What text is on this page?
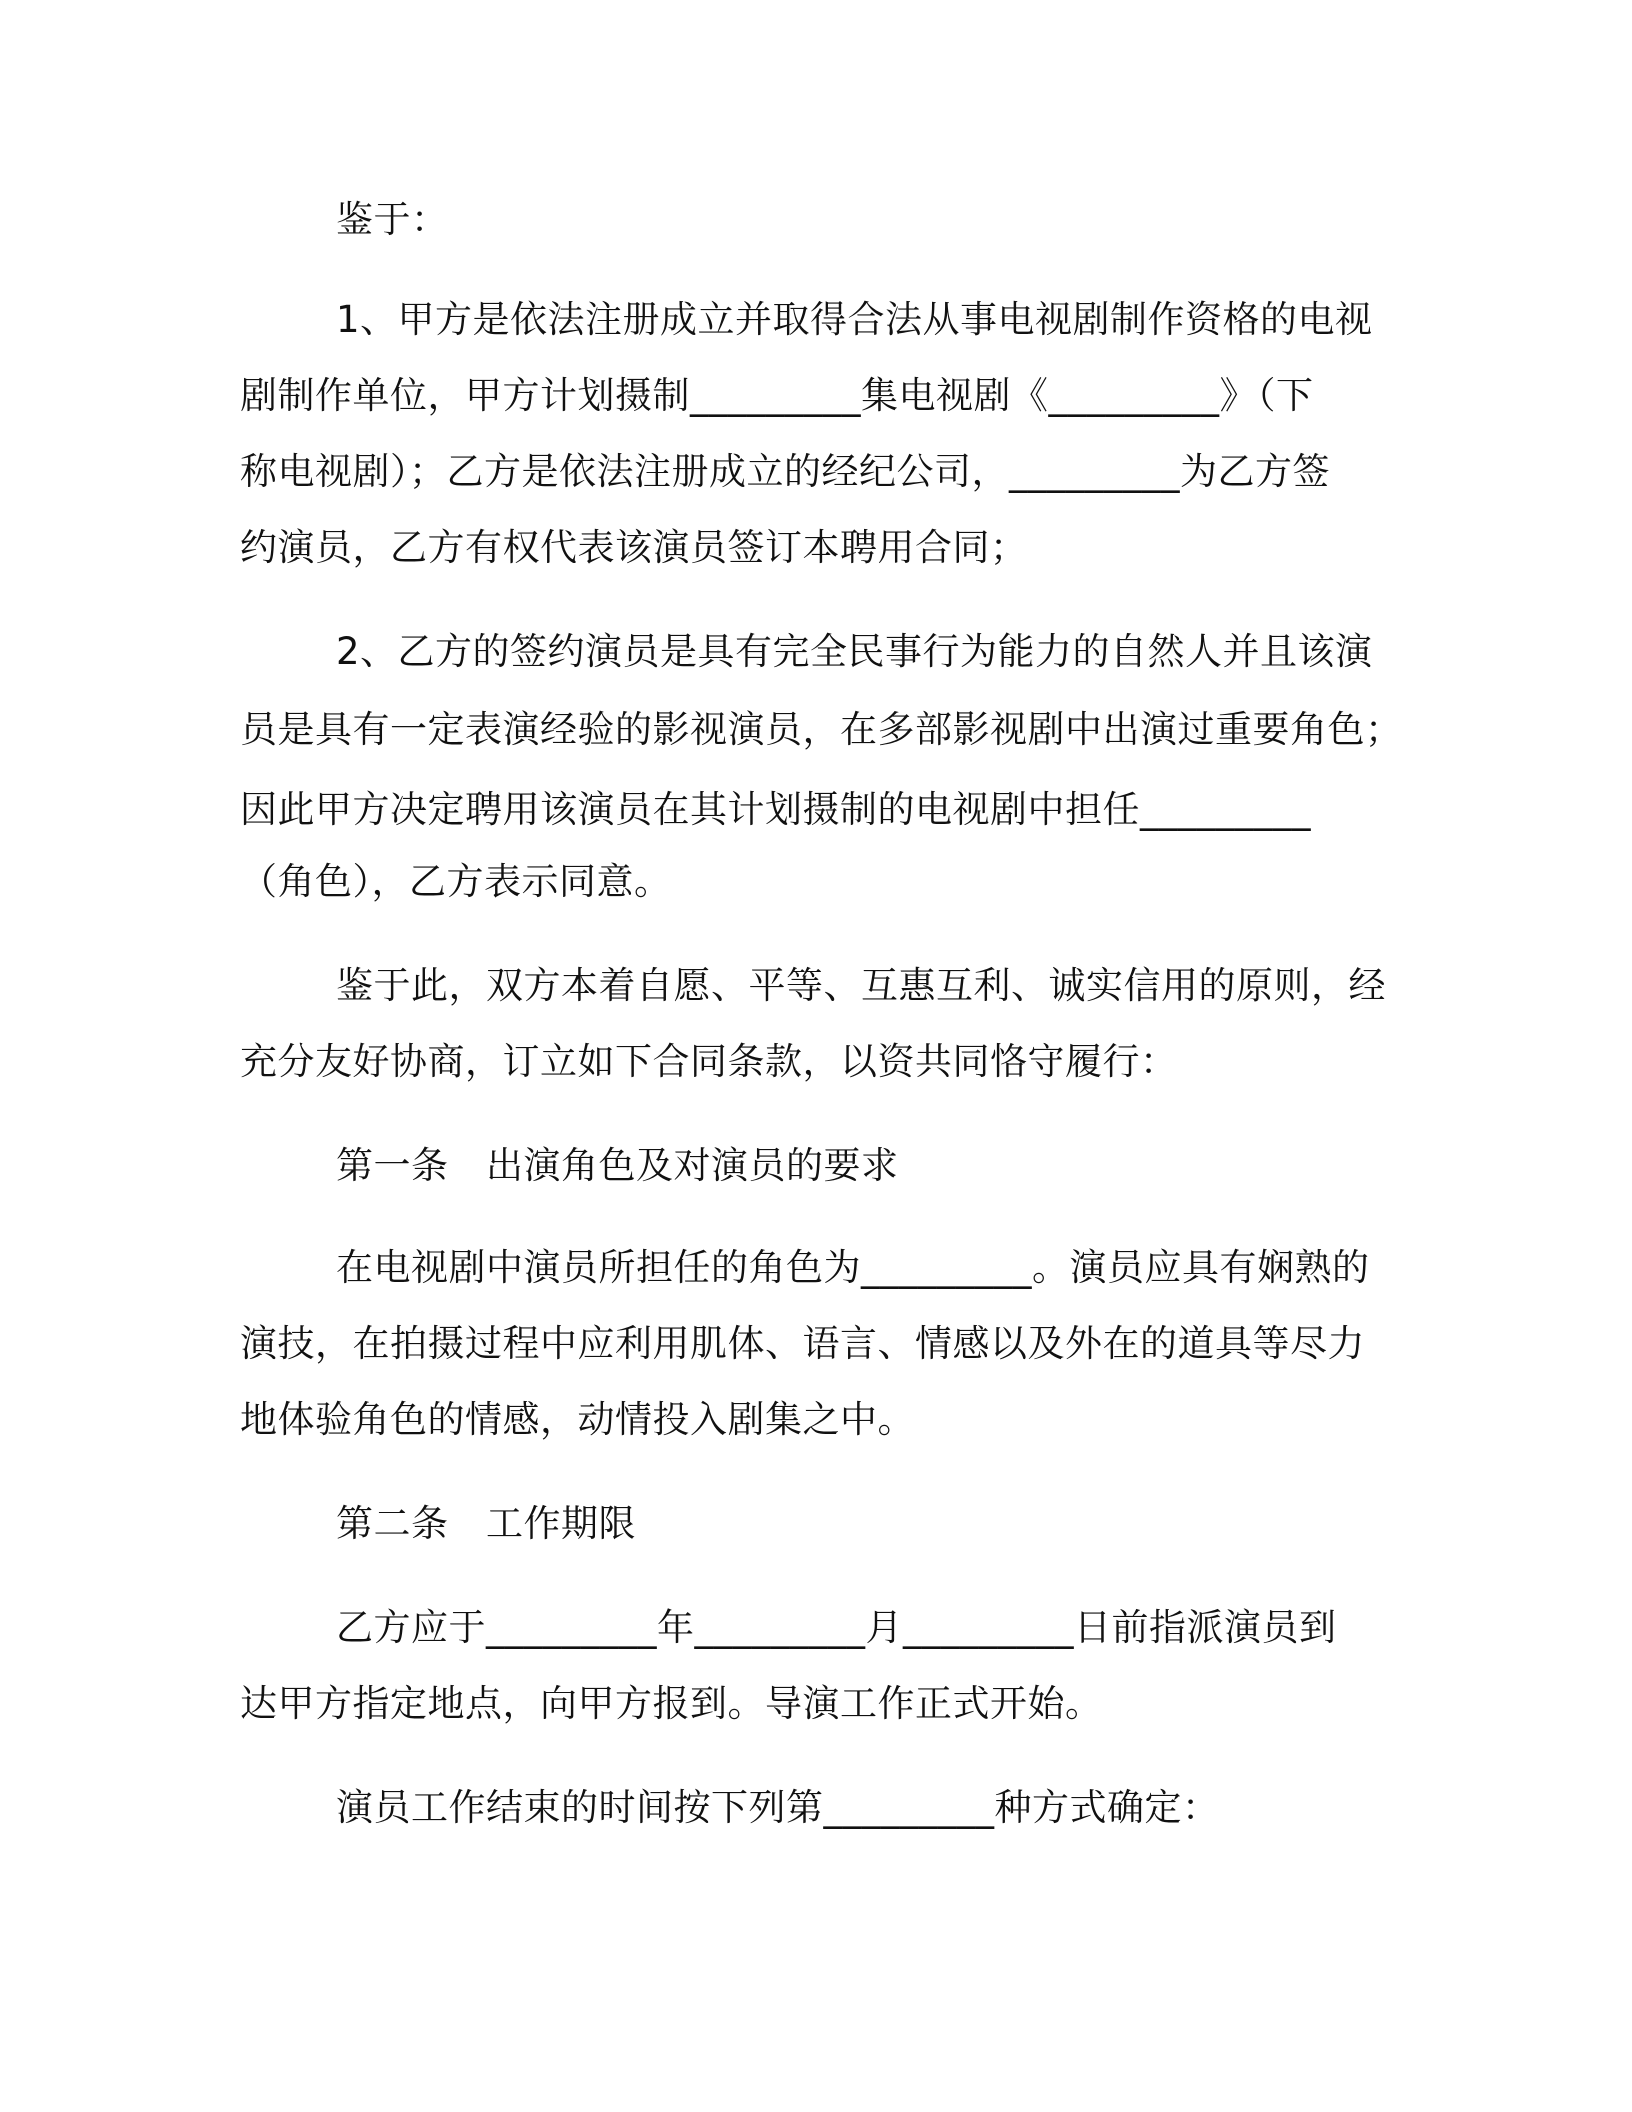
鉴于：
1、甲方是依法注册成立并取得合法从事电视剧制作资格的电视
剧制作单位，甲方计划摄制_________集电视剧《_________》（下
称电视剧）；乙方是依法注册成立的经纪公司，_________为乙方签
约演员，乙方有权代表该演员签订本聘用合同；
2、乙方的签约演员是具有完全民事行为能力的自然人并且该演
员是具有一定表演经验的影视演员，在多部影视剧中出演过重要角色；
因此甲方决定聘用该演员在其计划摄制的电视剧中担任_________
（角色），乙方表示同意。
鉴于此，双方本着自愿、平等、互惠互利、诚实信用的原则，经
充分友好协商，订立如下合同条款，以资共同恪守履行：
第一条　出演角色及对演员的要求
在电视剧中演员所担任的角色为_________。演员应具有娴熟的
演技，在拍摄过程中应利用肌体、语言、情感以及外在的道具等尽力
地体验角色的情感，动情投入剧集之中。
第二条　工作期限
乙方应于_________年_________月_________日前指派演员到
达甲方指定地点，向甲方报到。导演工作正式开始。
演员工作结束的时间按下列第_________种方式确定：
